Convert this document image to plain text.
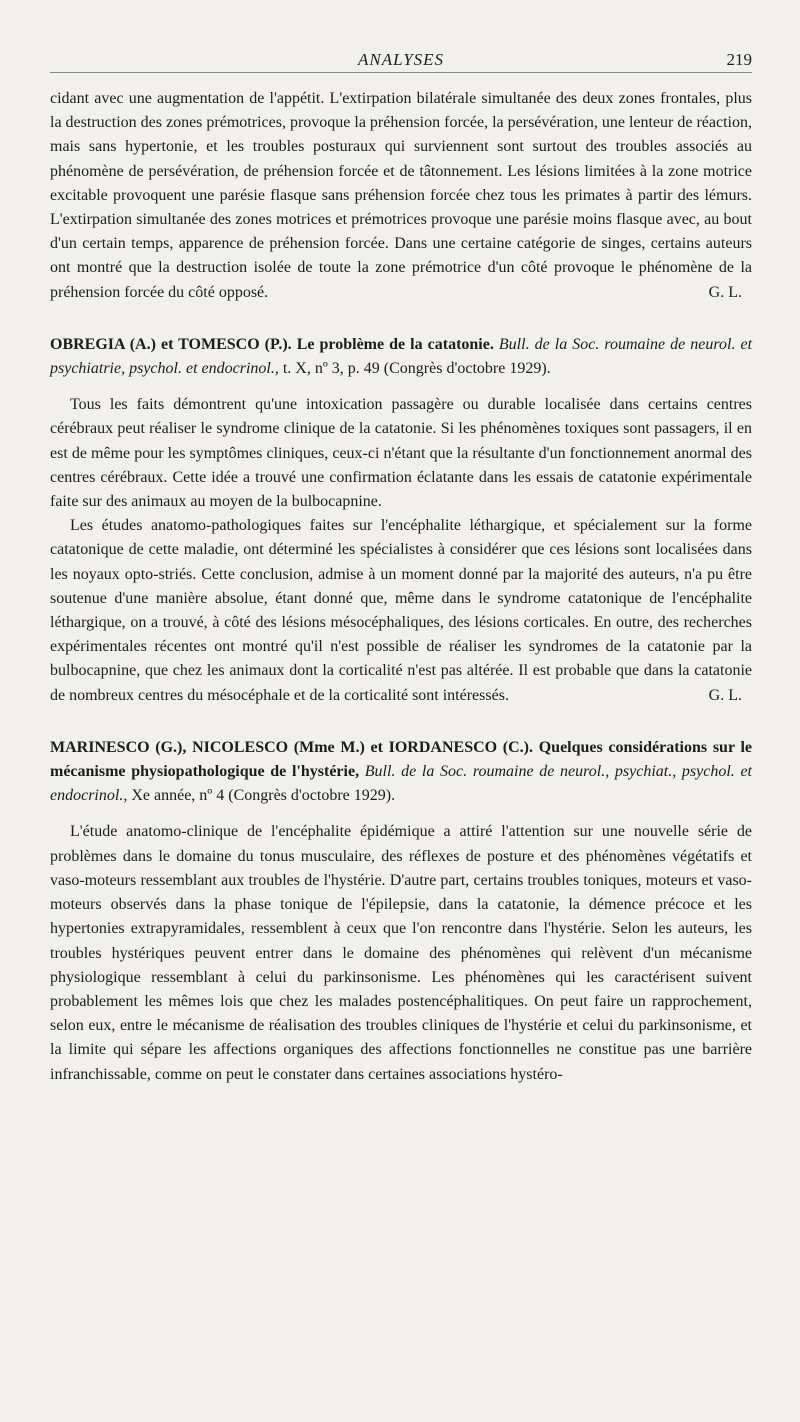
ANALYSES	219

cidant avec une augmentation de l'appétit. L'extirpation bilatérale simultanée des deux zones frontales, plus la destruction des zones prémotrices, provoque la préhension forcée, la persévération, une lenteur de réaction, mais sans hypertonie, et les troubles posturaux qui surviennent sont surtout des troubles associés au phénomène de persévération, de préhension forcée et de tâtonnement. Les lésions limitées à la zone motrice excitable provoquent une parésie flasque sans préhension forcée chez tous les primates à partir des lémurs. L'extirpation simultanée des zones motrices et prémotrices provoque une parésie moins flasque avec, au bout d'un certain temps, apparence de préhension forcée. Dans une certaine catégorie de singes, certains auteurs ont montré que la destruction isolée de toute la zone prémotrice d'un côté provoque le phénomène de la préhension forcée du côté opposé.	G. L.

OBREGIA (A.) et TOMESCO (P.). Le problème de la catatonie. Bull. de la Soc. roumaine de neurol. et psychiatrie, psychol. et endocrinol., t. X, nº 3, p. 49 (Congrès d'octobre 1929).

Tous les faits démontrent qu'une intoxication passagère ou durable localisée dans certains centres cérébraux peut réaliser le syndrome clinique de la catatonie. Si les phénomènes toxiques sont passagers, il en est de même pour les symptômes cliniques, ceux-ci n'étant que la résultante d'un fonctionnement anormal des centres cérébraux. Cette idée a trouvé une confirmation éclatante dans les essais de catatonie expérimentale faite sur des animaux au moyen de la bulbocapnine.

Les études anatomo-pathologiques faites sur l'encéphalite léthargique, et spécialement sur la forme catatonique de cette maladie, ont déterminé les spécialistes à considérer que ces lésions sont localisées dans les noyaux opto-striés. Cette conclusion, admise à un moment donné par la majorité des auteurs, n'a pu être soutenue d'une manière absolue, étant donné que, même dans le syndrome catatonique de l'encéphalite léthargique, on a trouvé, à côté des lésions mésocéphaliques, des lésions corticales. En outre, des recherches expérimentales récentes ont montré qu'il n'est possible de réaliser les syndromes de la catatonie par la bulbocapnine, que chez les animaux dont la corticalité n'est pas altérée. Il est probable que dans la catatonie de nombreux centres du mésocéphale et de la corticalité sont intéressés.	G. L.

MARINESCO (G.), NICOLESCO (Mme M.) et IORDANESCO (C.). Quelques considérations sur le mécanisme physiopathologique de l'hystérie, Bull. de la Soc. roumaine de neurol., psychiat., psychol. et endocrinol., Xe année, nº 4 (Congrès d'octobre 1929).

L'étude anatomo-clinique de l'encéphalite épidémique a attiré l'attention sur une nouvelle série de problèmes dans le domaine du tonus musculaire, des réflexes de posture et des phénomènes végétatifs et vaso-moteurs ressemblant aux troubles de l'hystérie. D'autre part, certains troubles toniques, moteurs et vaso-moteurs observés dans la phase tonique de l'épilepsie, dans la catatonie, la démence précoce et les hypertonies extrapyramidales, ressemblent à ceux que l'on rencontre dans l'hystérie. Selon les auteurs, les troubles hystériques peuvent entrer dans le domaine des phénomènes qui relèvent d'un mécanisme physiologique ressemblant à celui du parkinsonisme. Les phénomènes qui les caractérisent suivent probablement les mêmes lois que chez les malades postencéphalitiques. On peut faire un rapprochement, selon eux, entre le mécanisme de réalisation des troubles cliniques de l'hystérie et celui du parkinsonisme, et la limite qui sépare les affections organiques des affections fonctionnelles ne constitue pas une barrière infranchissable, comme on peut le constater dans certaines associations hystéro-
